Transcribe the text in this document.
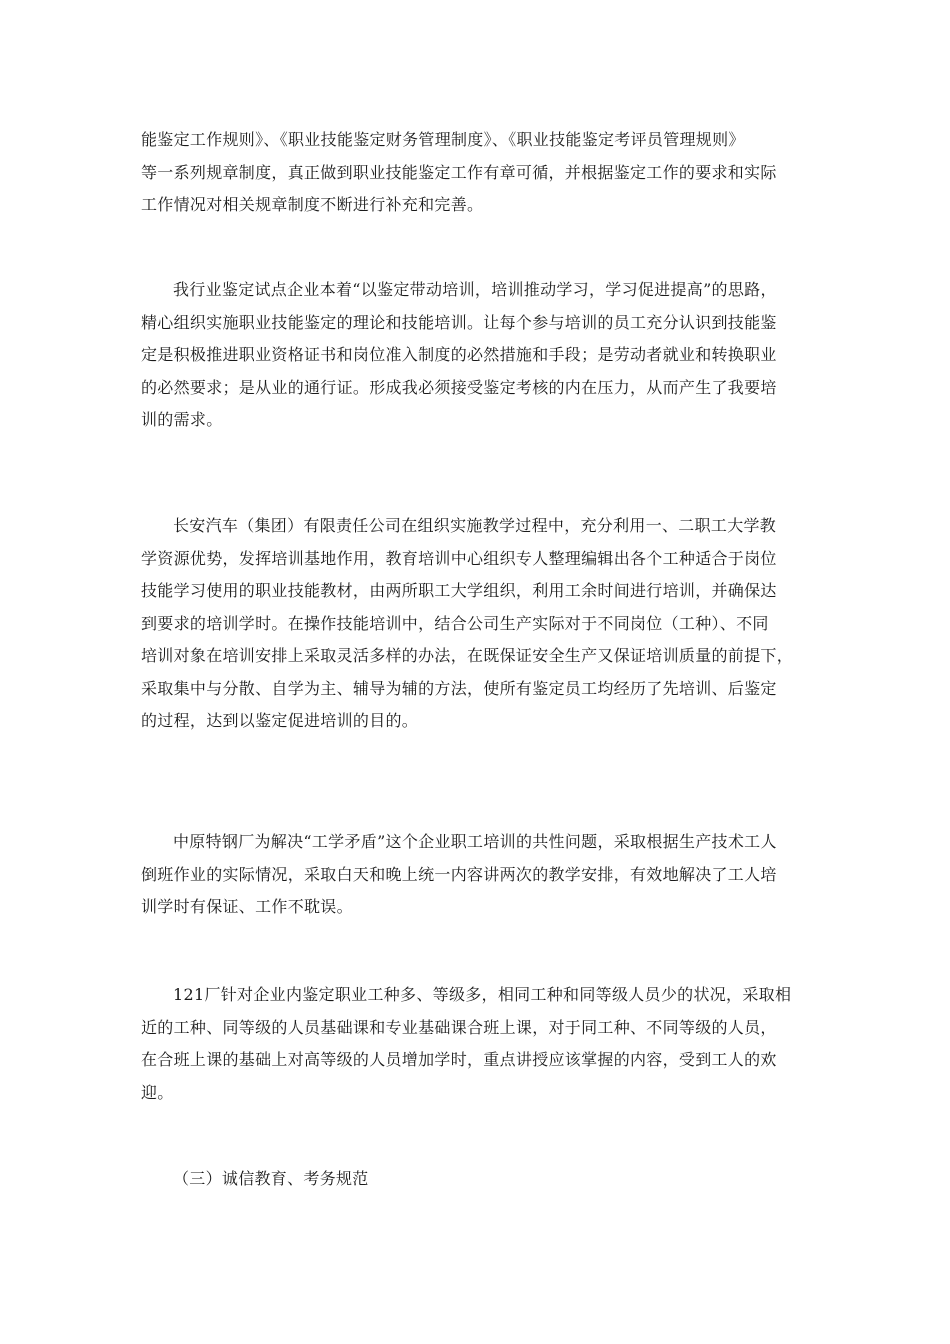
能鉴定工作规则》、《职业技能鉴定财务管理制度》、《职业技能鉴定考评员管理规则》
等一系列规章制度，真正做到职业技能鉴定工作有章可循，并根据鉴定工作的要求和实际
工作情况对相关规章制度不断进行补充和完善。

我行业鉴定试点企业本着“以鉴定带动培训，培训推动学习，学习促进提高”的思路，
精心组织实施职业技能鉴定的理论和技能培训。让每个参与培训的员工充分认识到技能鉴
定是积极推进职业资格证书和岗位准入制度的必然措施和手段；是劳动者就业和转换职业
的必然要求；是从业的通行证。形成我必须接受鉴定考核的内在压力，从而产生了我要培
训的需求。

长安汽车（集团）有限责任公司在组织实施教学过程中，充分利用一、二职工大学教
学资源优势，发挥培训基地作用，教育培训中心组织专人整理编辑出各个工种适合于岗位
技能学习使用的职业技能教材，由两所职工大学组织，利用工余时间进行培训，并确保达
到要求的培训学时。在操作技能培训中，结合公司生产实际对于不同岗位（工种）、不同
培训对象在培训安排上采取灵活多样的办法，在既保证安全生产又保证培训质量的前提下，
采取集中与分散、自学为主、辅导为辅的方法，使所有鉴定员工均经历了先培训、后鉴定
的过程，达到以鉴定促进培训的目的。

中原特钢厂为解决“工学矛盾”这个企业职工培训的共性问题，采取根据生产技术工人
倒班作业的实际情况，采取白天和晚上统一内容讲两次的教学安排，有效地解决了工人培
训学时有保证、工作不耽误。

121厂针对企业内鉴定职业工种多、等级多，相同工种和同等级人员少的状况，采取相
近的工种、同等级的人员基础课和专业基础课合班上课，对于同工种、不同等级的人员，
在合班上课的基础上对高等级的人员增加学时，重点讲授应该掌握的内容，受到工人的欢
迎。

（三）诚信教育、考务规范
